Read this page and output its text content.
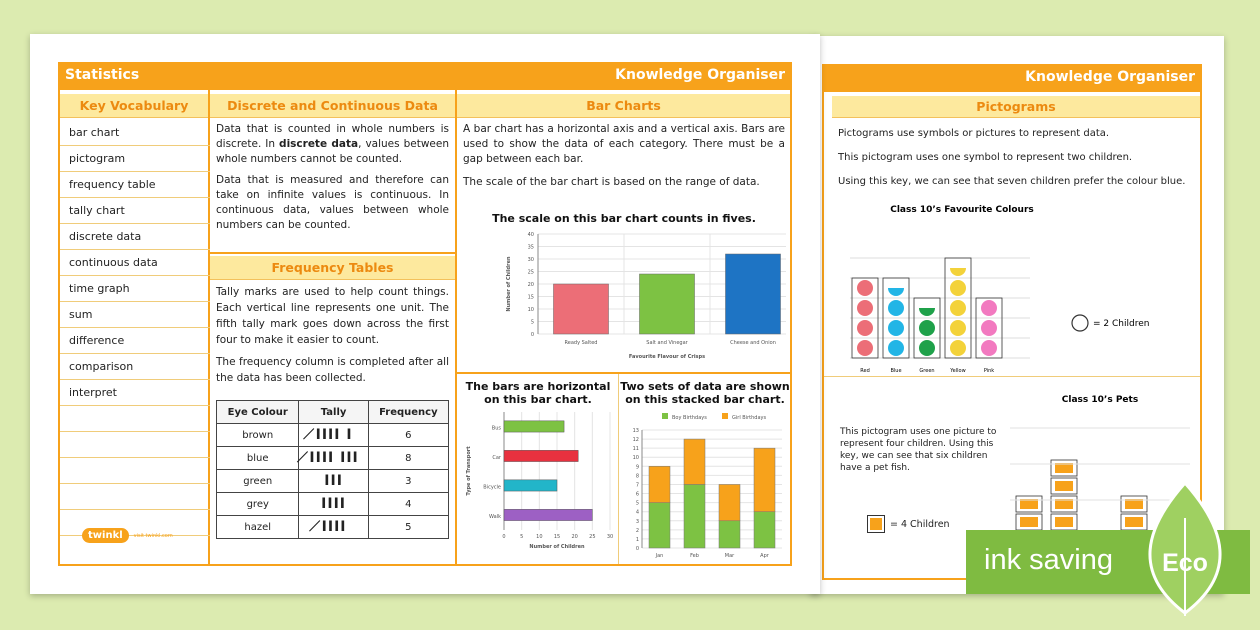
Knowledge Organiser
Pictograms

Pictograms use symbols or pictures to represent data.

This pictogram uses one symbol to represent two children.

Using this key, we can see that seven children prefer the colour blue.

Class 10’s Favourite Colours
Red	Blue	Green	Yellow	Pink
= 2 Children
This pictogram uses one picture to represent four children. Using this key, we can see that six children have a pet fish.
Class 10’s Pets
= 4 Children
Statistics	Knowledge Organiser
Key Vocabulary
bar chart
pictogram
frequency table
tally chart
discrete data
continuous data
time graph
sum
difference
comparison
interpret
twinkl	visit twinkl.com
Discrete and Continuous Data

Data that is counted in whole numbers is discrete. In discrete data, values between whole numbers cannot be counted.

Data that is measured and therefore can take on infinite values is continuous. In continuous data, values between whole numbers can be counted.

Frequency Tables

Tally marks are used to help count things. Each vertical line represents one unit. The fifth tally mark goes down across the first four to make it easier to count.

The frequency column is completed after all the data has been collected.

Eye Colour	Tally	Frequency
brown	̸IIII I	6
blue	̸IIII III	8
green	III	3
grey	IIII	4
hazel	̸IIII	5
Bar Charts

A bar chart has a horizontal axis and a vertical axis. Bars are used to show the data of each category. There must be a gap between each bar.

The scale of the bar chart is based on the range of data.

The scale on this bar chart counts in fives.
0
5
10
15
20
25
30
35
40
Ready Salted	Salt and Vinegar	Cheese and Onion
Favourite Flavour of Crisps
Number of Children
The bars are horizontal on this bar chart.
0	5	10 15 20 25 30
Bus
Car
Bicycle
Walk
Number of Children
Type of Transport
Two sets of data are shown on this stacked bar chart.
Boy Birthdays	Girl Birthdays
0
1
2
3
4
5
6
7
8
9
10
11
12
13
Jan	Feb	Mar	Apr	ink saving Eco
